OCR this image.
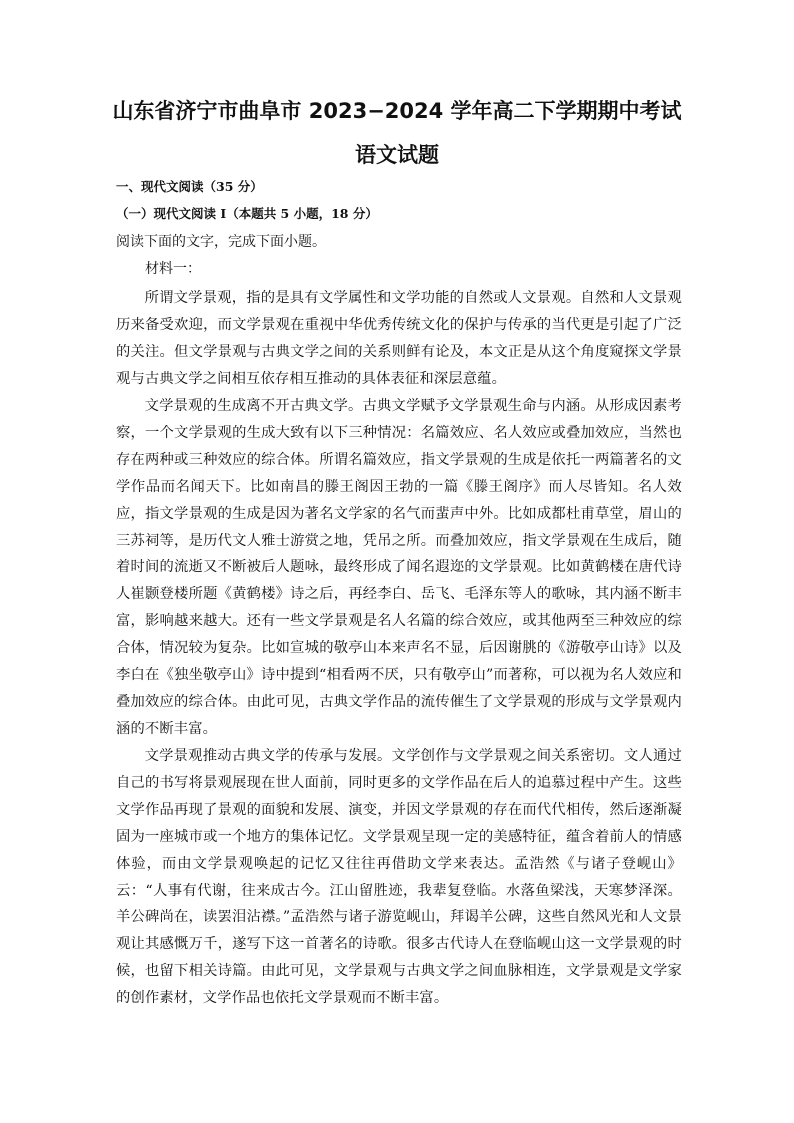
山东省济宁市曲阜市 2023−2024 学年高二下学期期中考试
语文试题
一、现代文阅读（35 分）
（一）现代文阅读 I（本题共 5 小题，18 分）
阅读下面的文字，完成下面小题。
材料一：
所谓文学景观，指的是具有文学属性和文学功能的自然或人文景观。自然和人文景观历来备受欢迎，而文学景观在重视中华优秀传统文化的保护与传承的当代更是引起了广泛的关注。但文学景观与古典文学之间的关系则鲜有论及，本文正是从这个角度窥探文学景观与古典文学之间相互依存相互推动的具体表征和深层意蕴。
文学景观的生成离不开古典文学。古典文学赋予文学景观生命与内涵。从形成因素考察，一个文学景观的生成大致有以下三种情况：名篇效应、名人效应或叠加效应，当然也存在两种或三种效应的综合体。所谓名篇效应，指文学景观的生成是依托一两篇著名的文学作品而名闻天下。比如南昌的滕王阁因王勃的一篇《滕王阁序》而人尽皆知。名人效应，指文学景观的生成是因为著名文学家的名气而蜚声中外。比如成都杜甫草堂，眉山的三苏祠等，是历代文人雅士游赏之地，凭吊之所。而叠加效应，指文学景观在生成后，随着时间的流逝又不断被后人题咏，最终形成了闻名遐迩的文学景观。比如黄鹤楼在唐代诗人崔颢登楼所题《黄鹤楼》诗之后，再经李白、岳飞、毛泽东等人的歌咏，其内涵不断丰富，影响越来越大。还有一些文学景观是名人名篇的综合效应，或其他两至三种效应的综合体，情况较为复杂。比如宣城的敬亭山本来声名不显，后因谢朓的《游敬亭山诗》以及李白在《独坐敬亭山》诗中提到“相看两不厌，只有敬亭山”而著称，可以视为名人效应和叠加效应的综合体。由此可见，古典文学作品的流传催生了文学景观的形成与文学景观内涵的不断丰富。
文学景观推动古典文学的传承与发展。文学创作与文学景观之间关系密切。文人通过自己的书写将景观展现在世人面前，同时更多的文学作品在后人的追慕过程中产生。这些文学作品再现了景观的面貌和发展、演变，并因文学景观的存在而代代相传，然后逐渐凝固为一座城市或一个地方的集体记忆。文学景观呈现一定的美感特征，蕴含着前人的情感体验，而由文学景观唤起的记忆又往往再借助文学来表达。孟浩然《与诸子登岘山》云：“人事有代谢，往来成古今。江山留胜迹，我辈复登临。水落鱼梁浅，天寒梦泽深。羊公碑尚在，读罢泪沾襟。”孟浩然与诸子游览岘山，拜谒羊公碑，这些自然风光和人文景观让其感慨万千，遂写下这一首著名的诗歌。很多古代诗人在登临岘山这一文学景观的时候，也留下相关诗篇。由此可见，文学景观与古典文学之间血脉相连，文学景观是文学家的创作素材，文学作品也依托文学景观而不断丰富。
